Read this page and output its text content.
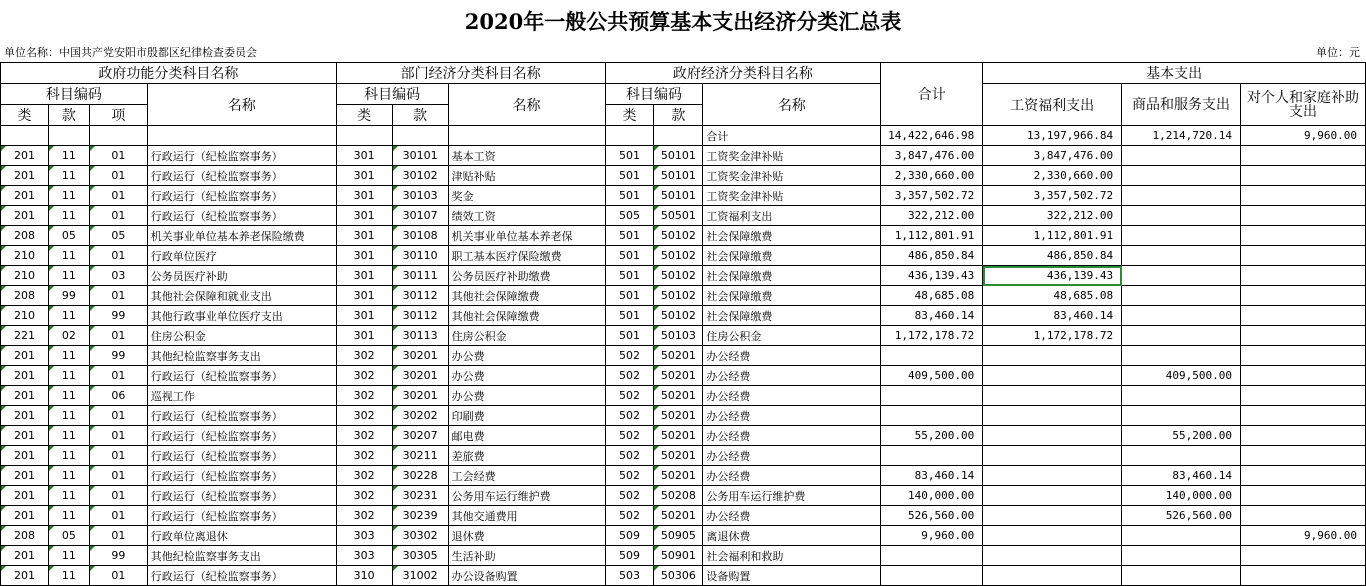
2020年一般公共预算基本支出经济分类汇总表
单位名称：中国共产党安阳市殷都区纪律检查委员会	单位：元
政府功能分类科目名称				部门经济分类科目名称			政府经济分类科目名称			合计	基本支出		
科目编码			名称	科目编码		名称	科目编码		名称		工资福利支出	商品和服务支出	对个人和家庭补助支出
类	款	项		类	款		类	款					
									合计	14,422,646.98	13,197,966.84	1,214,720.14	9,960.00
201	11	01	行政运行（纪检监察事务）	301	30101	基本工资	501	50101	工资奖金津补贴	3,847,476.00	3,847,476.00		
201	11	01	行政运行（纪检监察事务）	301	30102	津贴补贴	501	50101	工资奖金津补贴	2,330,660.00	2,330,660.00		
201	11	01	行政运行（纪检监察事务）	301	30103	奖金	501	50101	工资奖金津补贴	3,357,502.72	3,357,502.72		
201	11	01	行政运行（纪检监察事务）	301	30107	绩效工资	505	50501	工资福利支出	322,212.00	322,212.00		
208	05	05	机关事业单位基本养老保险缴费	301	30108	机关事业单位基本养老保	501	50102	社会保障缴费	1,112,801.91	1,112,801.91		
210	11	01	行政单位医疗	301	30110	职工基本医疗保险缴费	501	50102	社会保障缴费	486,850.84	486,850.84		
210	11	03	公务员医疗补助	301	30111	公务员医疗补助缴费	501	50102	社会保障缴费	436,139.43	436,139.43		
208	99	01	其他社会保障和就业支出	301	30112	其他社会保障缴费	501	50102	社会保障缴费	48,685.08	48,685.08		
210	11	99	其他行政事业单位医疗支出	301	30112	其他社会保障缴费	501	50102	社会保障缴费	83,460.14	83,460.14		
221	02	01	住房公积金	301	30113	住房公积金	501	50103	住房公积金	1,172,178.72	1,172,178.72		
201	11	99	其他纪检监察事务支出	302	30201	办公费	502	50201	办公经费				
201	11	01	行政运行（纪检监察事务）	302	30201	办公费	502	50201	办公经费	409,500.00		409,500.00	
201	11	06	巡视工作	302	30201	办公费	502	50201	办公经费				
201	11	01	行政运行（纪检监察事务）	302	30202	印刷费	502	50201	办公经费				
201	11	01	行政运行（纪检监察事务）	302	30207	邮电费	502	50201	办公经费	55,200.00		55,200.00	
201	11	01	行政运行（纪检监察事务）	302	30211	差旅费	502	50201	办公经费				
201	11	01	行政运行（纪检监察事务）	302	30228	工会经费	502	50201	办公经费	83,460.14		83,460.14	
201	11	01	行政运行（纪检监察事务）	302	30231	公务用车运行维护费	502	50208	公务用车运行维护费	140,000.00		140,000.00	
201	11	01	行政运行（纪检监察事务）	302	30239	其他交通费用	502	50201	办公经费	526,560.00		526,560.00	
208	05	01	行政单位离退休	303	30302	退休费	509	50905	离退休费	9,960.00			9,960.00
201	11	99	其他纪检监察事务支出	303	30305	生活补助	509	50901	社会福利和救助				
201	11	01	行政运行（纪检监察事务）	310	31002	办公设备购置	503	50306	设备购置				
